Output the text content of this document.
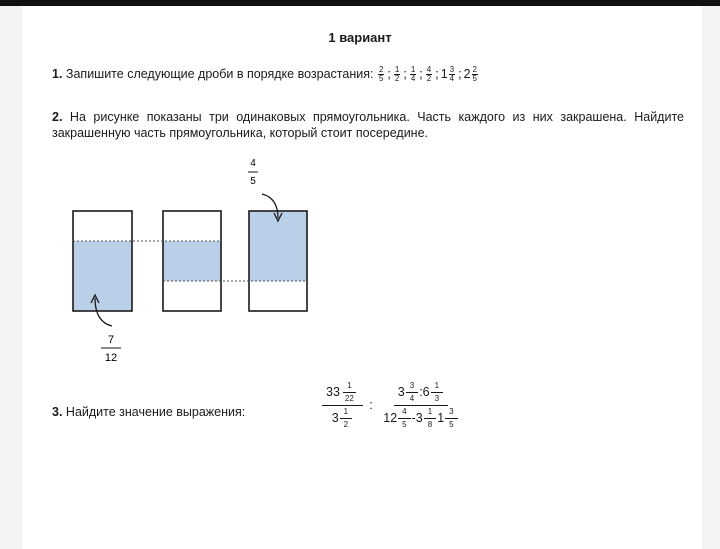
1 вариант
1. Запишите следующие дроби в порядке возрастания: $\frac{2}{5}$ ; $\frac{1}{2}$ ; $\frac{1}{4}$ ; $\frac{4}{2}$ ; $1 \frac{3}{4}$ ; $2 \frac{2}{5}$
2. На рисунке показаны три одинаковых прямоугольника. Часть каждого из них закрашена. Найдите закрашенную часть прямоугольника, который стоит посередине.
4
5
7
12
3. Найдите значение выражения:	$\frac{33 \frac{1}{22}}{3 \frac{1}{2}}$ : $\frac{3 \frac{3}{4} :6 \frac{1}{3}}{12 \frac{4}{5} ‑3 \frac{1}{8} 1 \frac{3}{5}}$
